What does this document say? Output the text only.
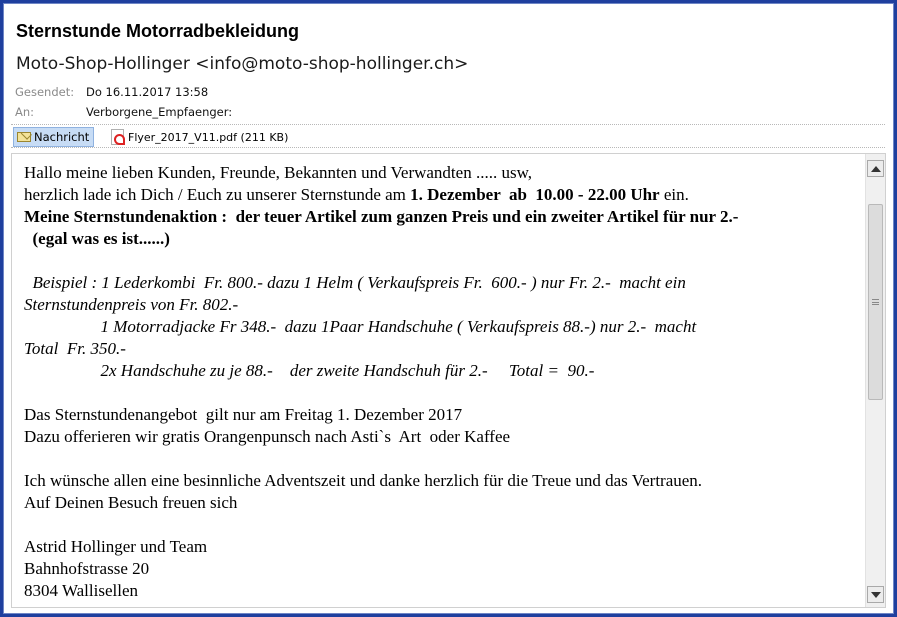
Sternstunde Motorradbekleidung
Moto-Shop-Hollinger <info@moto-shop-hollinger.ch>
Gesendet: Do 16.11.2017 13:58
An:	Verborgene_Empfaenger:
Nachricht	Flyer_2017_V11.pdf (211 KB)

Hallo meine lieben Kunden, Freunde, Bekannten und Verwandten ..... usw,

herzlich lade ich Dich / Euch zu unserer Sternstunde am 1. Dezember  ab  10.00 - 22.00 Uhr ein.

Meine Sternstundenaktion :  der teuer Artikel zum ganzen Preis und ein zweiter Artikel für nur 2.-

(egal was es ist......)

Beispiel : 1 Lederkombi  Fr. 800.- dazu 1 Helm ( Verkaufspreis Fr.  600.- ) nur Fr. 2.-  macht ein

Sternstundenpreis von Fr. 802.-

1 Motorradjacke Fr 348.-  dazu 1Paar Handschuhe ( Verkaufspreis 88.-) nur 2.-  macht

Total  Fr. 350.-

2x Handschuhe zu je 88.-    der zweite Handschuh für 2.-     Total =  90.-

Das Sternstundenangebot  gilt nur am Freitag 1. Dezember 2017

Dazu offerieren wir gratis Orangenpunsch nach Asti`s  Art  oder Kaffee

Ich wünsche allen eine besinnliche Adventszeit und danke herzlich für die Treue und das Vertrauen.

Auf Deinen Besuch freuen sich

Astrid Hollinger und Team

Bahnhofstrasse 20

8304 Wallisellen
